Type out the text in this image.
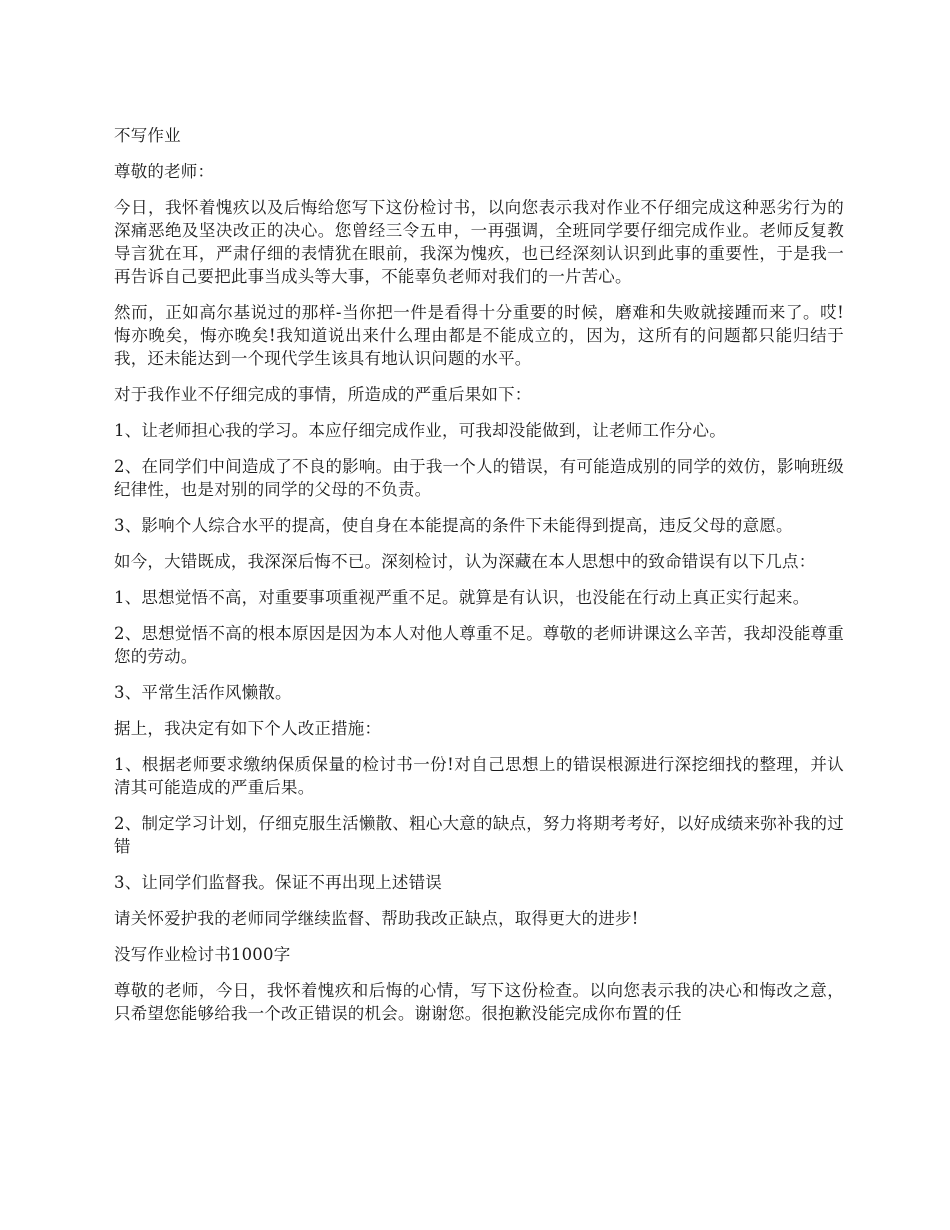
不写作业

尊敬的老师：

今日，我怀着愧疚以及后悔给您写下这份检讨书，以向您表示我对作业不仔细完成这种恶劣行为的深痛恶绝及坚决改正的决心。您曾经三令五申，一再强调，全班同学要仔细完成作业。老师反复教导言犹在耳，严肃仔细的表情犹在眼前，我深为愧疚，也已经深刻认识到此事的重要性，于是我一再告诉自己要把此事当成头等大事，不能辜负老师对我们的一片苦心。

然而，正如高尔基说过的那样-当你把一件是看得十分重要的时候，磨难和失败就接踵而来了。哎!悔亦晚矣，悔亦晚矣!我知道说出来什么理由都是不能成立的，因为，这所有的问题都只能归结于我，还未能达到一个现代学生该具有地认识问题的水平。

对于我作业不仔细完成的事情，所造成的严重后果如下：

1、让老师担心我的学习。本应仔细完成作业，可我却没能做到，让老师工作分心。

2、在同学们中间造成了不良的影响。由于我一个人的错误，有可能造成别的同学的效仿，影响班级纪律性，也是对别的同学的父母的不负责。

3、影响个人综合水平的提高，使自身在本能提高的条件下未能得到提高，违反父母的意愿。

如今，大错既成，我深深后悔不已。深刻检讨，认为深藏在本人思想中的致命错误有以下几点：

1、思想觉悟不高，对重要事项重视严重不足。就算是有认识，也没能在行动上真正实行起来。

2、思想觉悟不高的根本原因是因为本人对他人尊重不足。尊敬的老师讲课这么辛苦，我却没能尊重您的劳动。

3、平常生活作风懒散。

据上，我决定有如下个人改正措施：

1、根据老师要求缴纳保质保量的检讨书一份!对自己思想上的错误根源进行深挖细找的整理，并认清其可能造成的严重后果。

2、制定学习计划，仔细克服生活懒散、粗心大意的缺点，努力将期考考好，以好成绩来弥补我的过错

3、让同学们监督我。保证不再出现上述错误

请关怀爱护我的老师同学继续监督、帮助我改正缺点，取得更大的进步!

没写作业检讨书1000字

尊敬的老师，今日，我怀着愧疚和后悔的心情，写下这份检查。以向您表示我的决心和悔改之意，只希望您能够给我一个改正错误的机会。谢谢您。很抱歉没能完成你布置的任
